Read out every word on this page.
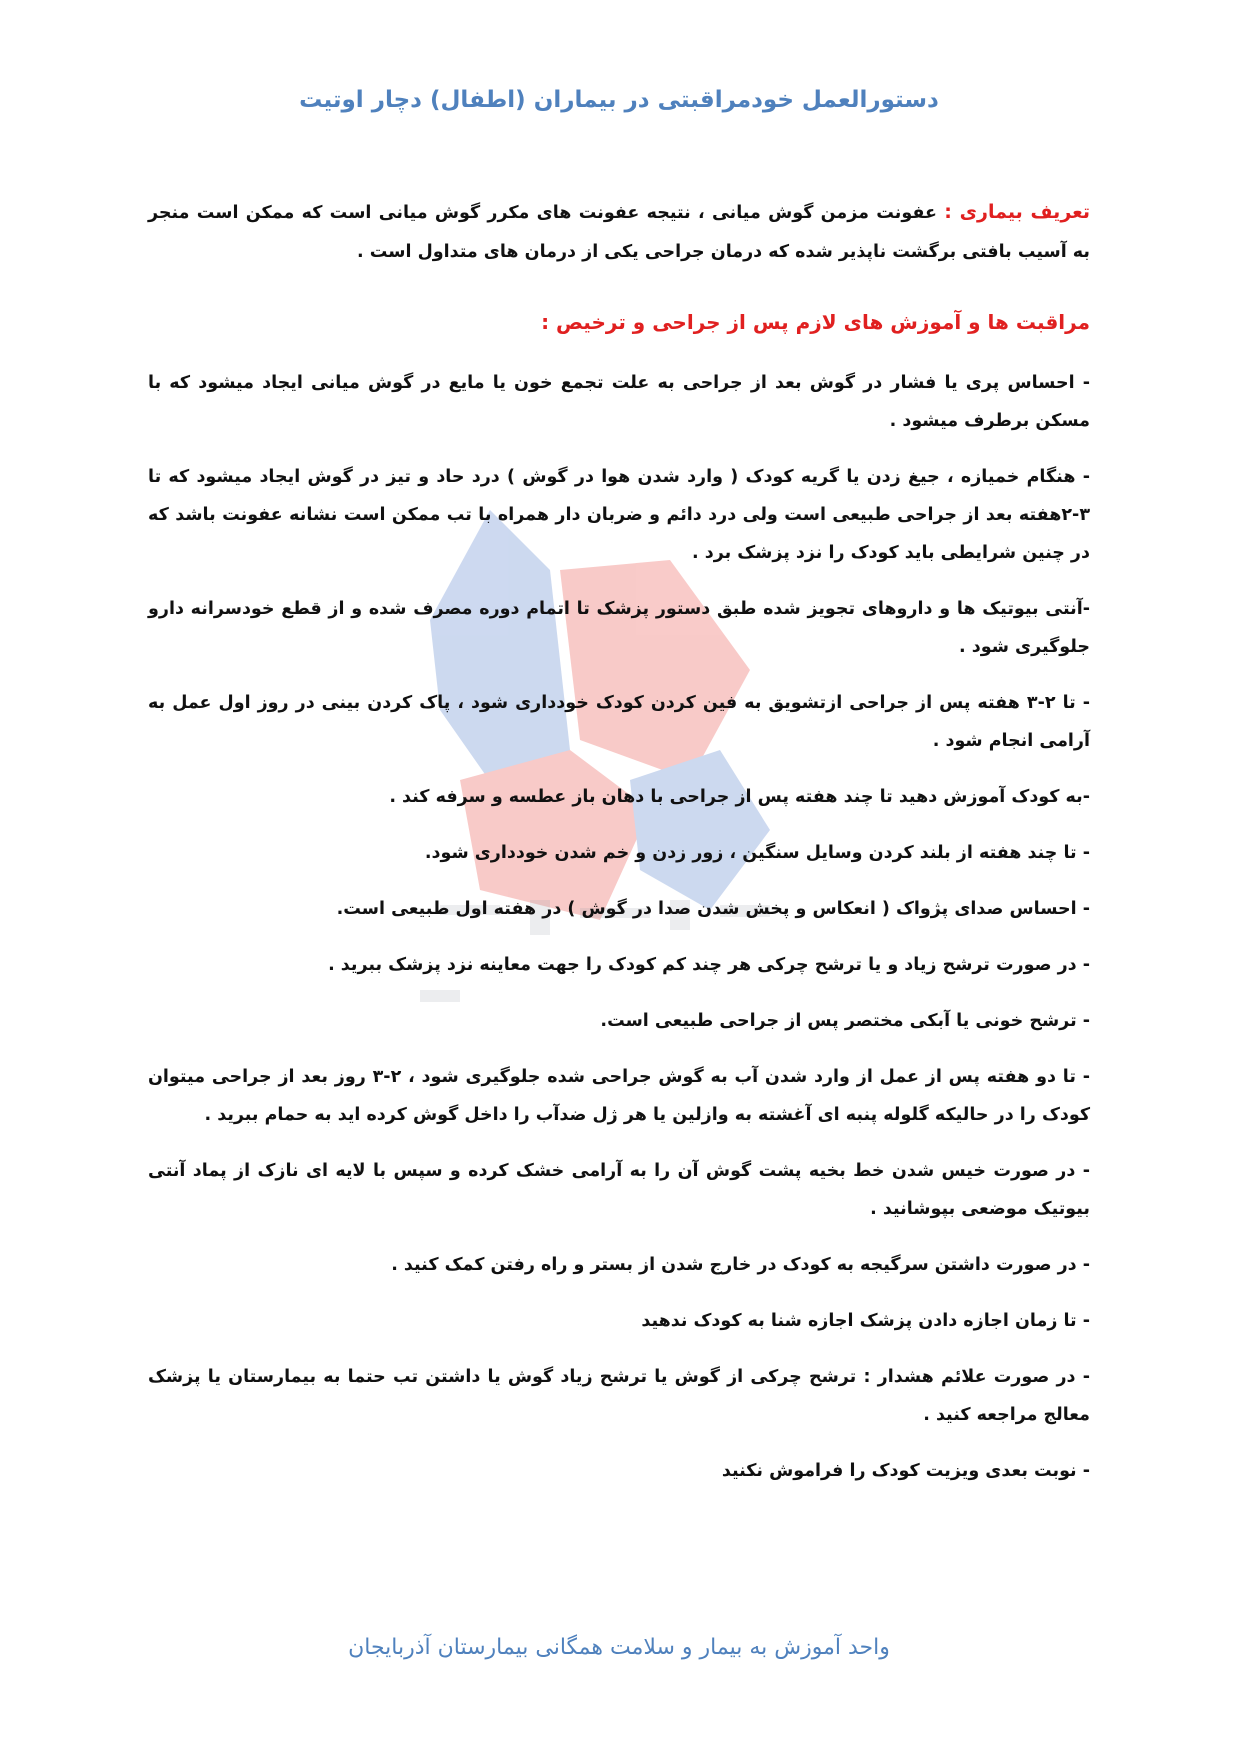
دستورالعمل خودمراقبتی در بیماران (اطفال) دچار اوتیت

تعریف بیماری : عفونت مزمن گوش میانی ، نتیجه عفونت های مکرر گوش میانی است که ممکن است منجر به آسیب بافتی برگشت ناپذیر شده که درمان جراحی یکی از درمان های متداول است .

مراقبت ها و آموزش های لازم پس از جراحی و ترخیص :

- احساس پری یا فشار در گوش بعد از جراحی به علت تجمع خون یا مایع در گوش میانی ایجاد میشود که با مسکن برطرف میشود .

- هنگام خمیازه ، جیغ زدن یا گریه کودک ( وارد شدن هوا در گوش ) درد حاد و تیز در گوش ایجاد میشود که تا ۳-۲هفته بعد از جراحی طبیعی است ولی درد دائم و ضربان دار همراه با تب ممکن است نشانه عفونت باشد که در چنین شرایطی باید کودک را نزد پزشک برد .

-آنتی بیوتیک ها و داروهای تجویز شده طبق دستور پزشک تا اتمام دوره مصرف شده و از قطع خودسرانه دارو جلوگیری شود .

- تا ۲-۳ هفته پس از جراحی ازتشویق به فین کردن کودک خودداری شود ، پاک کردن بینی در روز اول عمل به آرامی انجام شود .

-به کودک آموزش دهید تا چند هفته پس از جراحی با دهان باز عطسه و سرفه کند .

- تا چند هفته از بلند کردن وسایل سنگین ، زور زدن و خم شدن خودداری شود.

- احساس صدای پژواک ( انعکاس و پخش شدن صدا در گوش ) در هفته اول طبیعی است.

- در صورت ترشح زیاد و یا ترشح چرکی هر چند کم کودک را جهت معاینه نزد پزشک ببرید .

- ترشح خونی یا آبکی مختصر پس از جراحی طبیعی است.

- تا دو هفته پس از عمل از وارد شدن آب به گوش جراحی شده جلوگیری شود ، ۲-۳ روز بعد از جراحی میتوان کودک را در حالیکه گلوله پنبه ای آغشته به وازلین یا هر ژل ضدآب را داخل گوش کرده اید به حمام ببرید .

- در صورت خیس شدن خط بخیه پشت گوش آن را به آرامی خشک کرده و سپس با لایه ای نازک از پماد آنتی بیوتیک موضعی بپوشانید .

- در صورت داشتن سرگیجه به کودک در خارج شدن از بستر و راه رفتن کمک کنید .

- تا زمان اجازه دادن پزشک اجازه شنا به کودک ندهید

- در صورت علائم هشدار : ترشح چرکی از گوش یا ترشح زیاد گوش یا داشتن تب حتما به بیمارستان یا پزشک معالج مراجعه کنید .

- نوبت بعدی ویزیت کودک را فراموش نکنید

واحد آموزش به بیمار و سلامت همگانی بیمارستان آذربایجان
